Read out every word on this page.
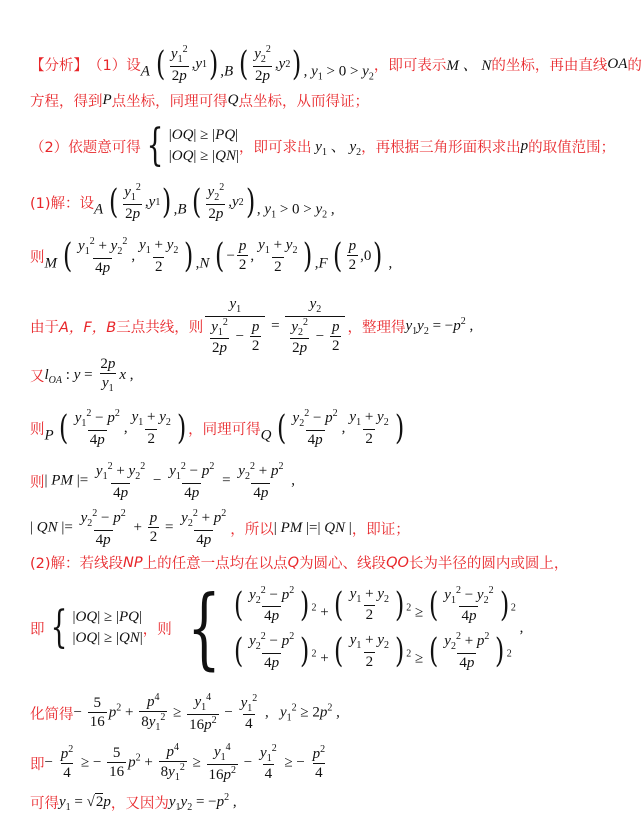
【分析】 （1）设 A ( $\frac{y_1^2}{2p}$ , y 1 ) ,B ( $\frac{y_2^2}{2p}$ , y 2 ) , $y_1 > 0 > y_2$
，即可表示 M 、 N 的坐标，再由直线 OA 的
方程，得到 P 点坐标，同理可得 Q 点坐标，从而得证；
（2）依题意可得 { |OQ| ≥ |PQ|
|OQ| ≥ |QN|
，即可求出 $y_1$ 、 $y_2$ ，再根据三角形面积求出 p 的取值范围；
(1)解：设 A ( $\frac{y_1^2}{2p}$ , y 1 ) ,B ( $\frac{y_2^2}{2p}$ , y 2 ) , $y_1 > 0 > y_2$ ,
则 M ( $\frac{y_1^2 + y_2^2}{4p}$ , $\frac{y_1 + y_2}{2}$ ) ,N ( − $\frac{p}{2}$ , $\frac{y_1 + y_2}{2}$ ) ,F ( $\frac{p}{2} ,0$ ) ,
由于 A，F，B 三点共线，则 $\frac{y_1}{\frac{y_1^2}{2p} - \frac{p}{2}} = \frac{y_2}{\frac{y_2^2}{2p} - \frac{p}{2}}$ ，整理得 $y_1y_2 = -p^2$ ,
又 $l_{OA}$ : $y = \frac{2p}{y_1}$ x ,
则 P ( $\frac{y_1^2 - p^2}{4p}$ , $\frac{y_1 + y_2}{2}$ ) ，同理可得 Q ( $\frac{y_2^2 - p^2}{4p}$ , $\frac{y_1 + y_2}{2}$ )
则 | PM |= $\frac{y_1^2 + y_2^2}{4p} - \frac{y_1^2 - p^2}{4p} = \frac{y_2^2 + p^2}{4p}$ ,
| QN |= $\frac{y_2^2 - p^2}{4p} + \frac{p}{2} = \frac{y_2^2 + p^2}{4p}$ ，所以 | PM |=| QN | ，即证；
(2)解：若线段 NP 上的任意一点均在以点 Q 为圆心、线段 QO 长为半径的圆内或圆上，
即 { |OQ| ≥ |PQ|
|OQ| ≥ |QN|
， 则 { ( $\frac{y_2^2 - p^2}{4p}$ ) $^2$ + ( $\frac{y_1 + y_2}{2}$ ) $^2$ ≥ ( $\frac{y_1^2 - y_2^2}{4p}$ ) $^2$
( $\frac{y_2^2 - p^2}{4p}$ ) $^2$ + ( $\frac{y_1 + y_2}{2}$ ) $^2$ ≥ ( $\frac{y_2^2 + p^2}{4p}$ ) $^2$
,
化简得 − $\frac{5}{16} p^2 + \frac{p^4}{8y_1^2} \ge \frac{y_1^4}{16p^2} - \frac{y_1^2}{4}$ ,   $y_1^2 \ge 2p^2$ ,
即 − $\frac{p^2}{4}$ ≥ − $\frac{5}{16} p^2 + \frac{p^4}{8y_1^2} \ge \frac{y_1^4}{16p^2} - \frac{y_1^2}{4}$ ≥ − $\frac{p^2}{4}$
可得 $y_1 = √2p$ ，又因为 $y_1y_2 = -p^2$ ,
